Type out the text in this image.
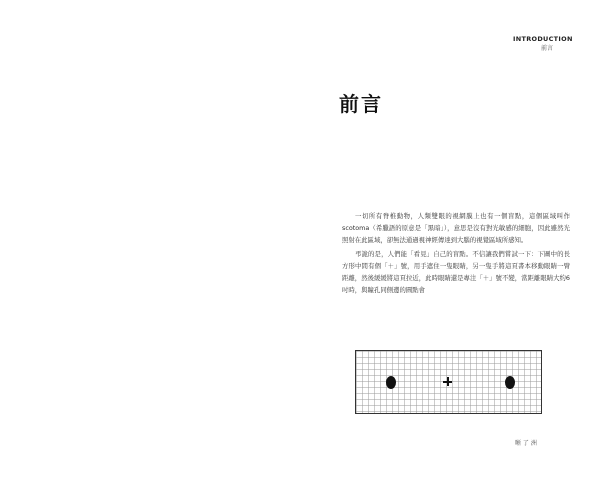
INTRODUCTION
前言
前言

一切所有脊椎動物，人類雙眼的視網膜上也有一個盲點，這個區域叫作scotoma（希臘語的原意是「黑暗」），意思是沒有對光敏感的細胞，因此雖然光照射在此區域，卻無法通過視神經傳達到大腦的視覺區域所感知。

弔詭的是，人們能「看見」自己的盲點。不信讓我們嘗試一下：下圖中的長方形中間有個「＋」號，用手遮住一隻眼睛，另一隻手將這頁書本移動眼睛一臂距離，然後緩緩將這頁拉近，此時眼睛還是專注「＋」號不變，當距離眼睛大約6吋時，與瞳孔同側邊的圓點會

晰 了 洲
